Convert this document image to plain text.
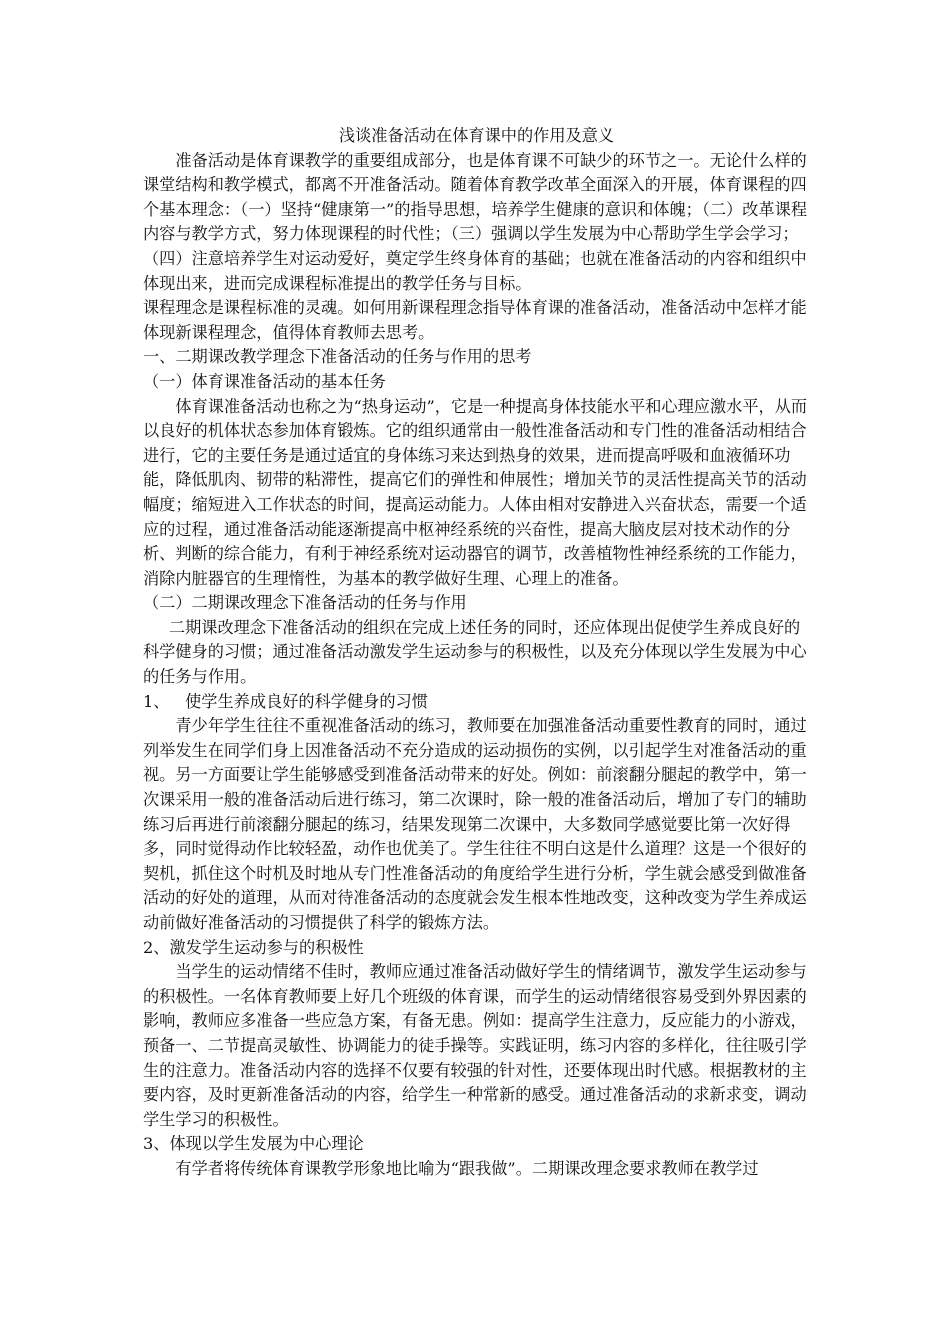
浅谈准备活动在体育课中的作用及意义

准备活动是体育课教学的重要组成部分，也是体育课不可缺少的环节之一。无论什么样的课堂结构和教学模式，都离不开准备活动。随着体育教学改革全面深入的开展，体育课程的四个基本理念：（一）坚持“健康第一”的指导思想，培养学生健康的意识和体魄；（二）改革课程内容与教学方式，努力体现课程的时代性；（三）强调以学生发展为中心帮助学生学会学习；（四）注意培养学生对运动爱好，奠定学生终身体育的基础；也就在准备活动的内容和组织中体现出来，进而完成课程标准提出的教学任务与目标。

课程理念是课程标准的灵魂。如何用新课程理念指导体育课的准备活动，准备活动中怎样才能体现新课程理念，值得体育教师去思考。

一、二期课改教学理念下准备活动的任务与作用的思考

（一）体育课准备活动的基本任务

体育课准备活动也称之为“热身运动”，它是一种提高身体技能水平和心理应激水平，从而以良好的机体状态参加体育锻炼。它的组织通常由一般性准备活动和专门性的准备活动相结合进行，它的主要任务是通过适宜的身体练习来达到热身的效果，进而提高呼吸和血液循环功能，降低肌肉、韧带的粘滞性，提高它们的弹性和伸展性；增加关节的灵活性提高关节的活动幅度；缩短进入工作状态的时间，提高运动能力。人体由相对安静进入兴奋状态，需要一个适应的过程，通过准备活动能逐渐提高中枢神经系统的兴奋性，提高大脑皮层对技术动作的分析、判断的综合能力，有利于神经系统对运动器官的调节，改善植物性神经系统的工作能力，消除内脏器官的生理惰性，为基本的教学做好生理、心理上的准备。

（二）二期课改理念下准备活动的任务与作用

二期课改理念下准备活动的组织在完成上述任务的同时，还应体现出促使学生养成良好的科学健身的习惯；通过准备活动激发学生运动参与的积极性，以及充分体现以学生发展为中心的任务与作用。

1、 使学生养成良好的科学健身的习惯

青少年学生往往不重视准备活动的练习，教师要在加强准备活动重要性教育的同时，通过列举发生在同学们身上因准备活动不充分造成的运动损伤的实例，以引起学生对准备活动的重视。另一方面要让学生能够感受到准备活动带来的好处。例如：前滚翻分腿起的教学中，第一次课采用一般的准备活动后进行练习，第二次课时，除一般的准备活动后，增加了专门的辅助练习后再进行前滚翻分腿起的练习，结果发现第二次课中，大多数同学感觉要比第一次好得多，同时觉得动作比较轻盈，动作也优美了。学生往往不明白这是什么道理？这是一个很好的契机，抓住这个时机及时地从专门性准备活动的角度给学生进行分析，学生就会感受到做准备活动的好处的道理，从而对待准备活动的态度就会发生根本性地改变，这种改变为学生养成运动前做好准备活动的习惯提供了科学的锻炼方法。

2、激发学生运动参与的积极性

当学生的运动情绪不佳时，教师应通过准备活动做好学生的情绪调节，激发学生运动参与的积极性。一名体育教师要上好几个班级的体育课，而学生的运动情绪很容易受到外界因素的影响，教师应多准备一些应急方案，有备无患。例如：提高学生注意力，反应能力的小游戏，预备一、二节提高灵敏性、协调能力的徒手操等。实践证明，练习内容的多样化，往往吸引学生的注意力。准备活动内容的选择不仅要有较强的针对性，还要体现出时代感。根据教材的主要内容，及时更新准备活动的内容，给学生一种常新的感受。通过准备活动的求新求变，调动学生学习的积极性。

3、体现以学生发展为中心理论

有学者将传统体育课教学形象地比喻为“跟我做”。二期课改理念要求教师在教学过
